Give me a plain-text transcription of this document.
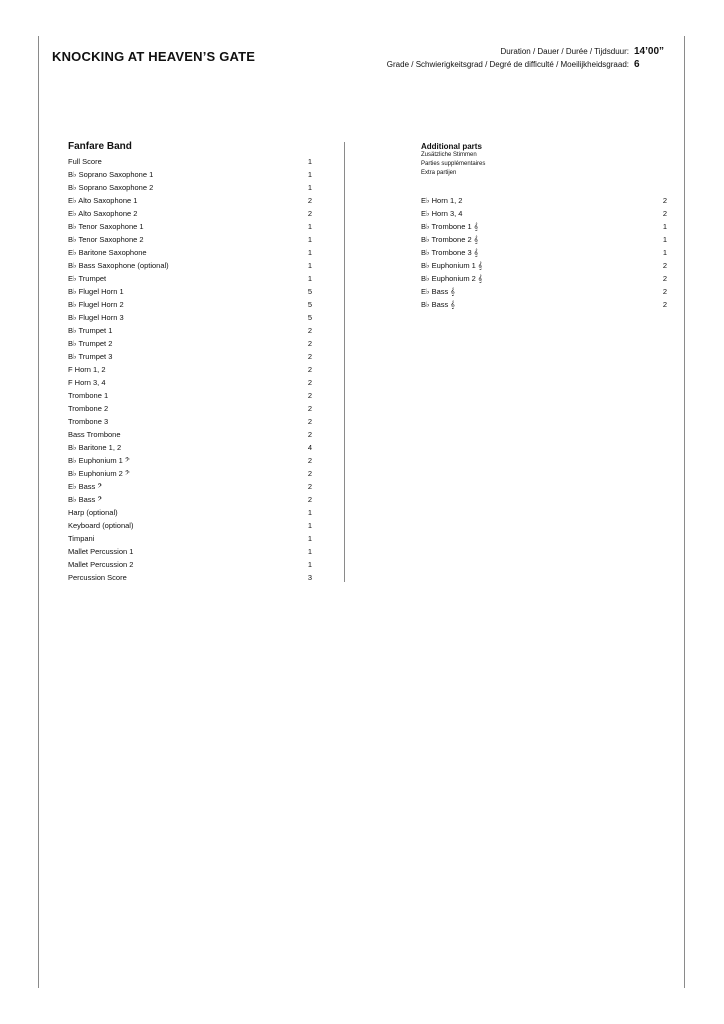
KNOCKING AT HEAVEN’S GATE	Duration / Dauer / Durée / Tijdsduur: 14’00”
Grade / Schwierigkeitsgrad / Degré de difficulté / Moeilijkheidsgraad: 6
Fanfare Band
Full Score	1
B♭ Soprano Saxophone 1	1
B♭ Soprano Saxophone 2	1
E♭ Alto Saxophone 1	2
E♭ Alto Saxophone 2	2
B♭ Tenor Saxophone 1	1
B♭ Tenor Saxophone 2	1
E♭ Baritone Saxophone	1
B♭ Bass Saxophone (optional)	1
E♭ Trumpet	1
B♭ Flugel Horn 1	5
B♭ Flugel Horn 2	5
B♭ Flugel Horn 3	5
B♭ Trumpet 1	2
B♭ Trumpet 2	2
B♭ Trumpet 3	2
F Horn 1, 2	2
F Horn 3, 4	2
Trombone 1	2
Trombone 2	2
Trombone 3	2
Bass Trombone	2
B♭ Baritone 1, 2	4
B♭ Euphonium 1 𝄢	2
B♭ Euphonium 2 𝄢	2
E♭ Bass 𝄢	2
B♭ Bass 𝄢	2
Harp (optional)	1
Keyboard (optional)	1
Timpani	1
Mallet Percussion 1	1
Mallet Percussion 2	1
Percussion Score	3
Additional parts
Zusätzliche Stimmen
Parties supplémentaires
Extra partijen
E♭ Horn 1, 2	2
E♭ Horn 3, 4	2
B♭ Trombone 1 𝄞	1
B♭ Trombone 2 𝄞	1
B♭ Trombone 3 𝄞	1
B♭ Euphonium 1 𝄞	2
B♭ Euphonium 2 𝄞	2
E♭ Bass 𝄞	2
B♭ Bass 𝄞	2
